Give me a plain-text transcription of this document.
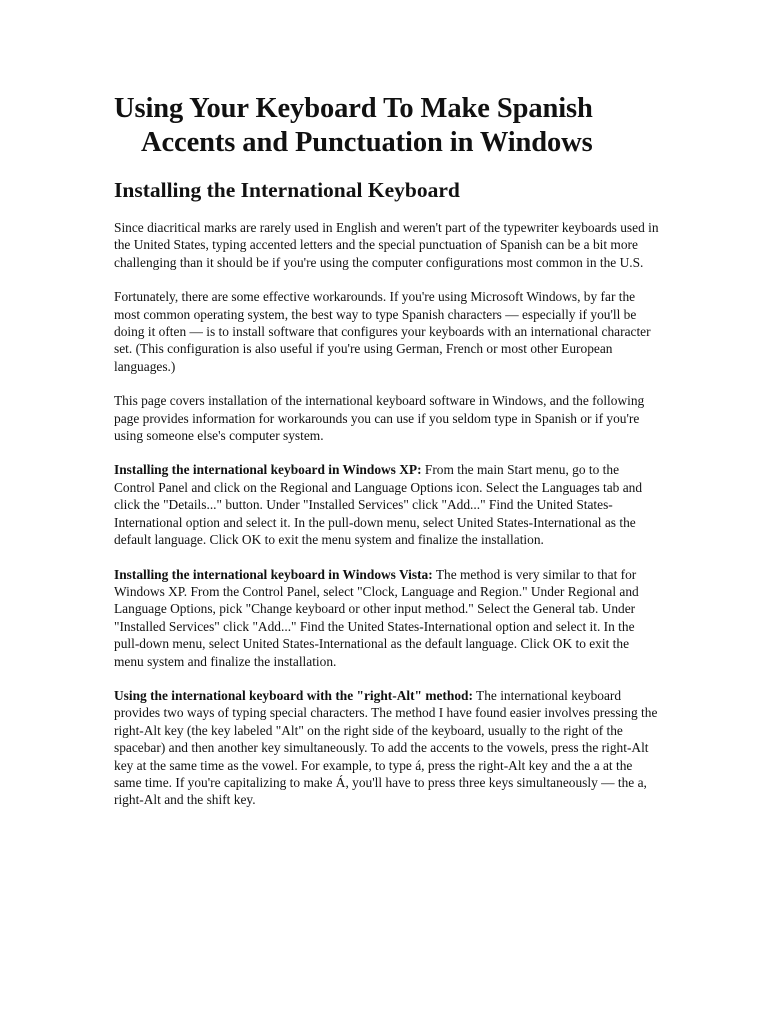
Using Your Keyboard To Make Spanish
Accents and Punctuation in Windows
Installing the International Keyboard

Since diacritical marks are rarely used in English and weren't part of the typewriter keyboards used in the United States, typing accented letters and the special punctuation of Spanish can be a bit more challenging than it should be if you're using the computer configurations most common in the U.S.

Fortunately, there are some effective workarounds. If you're using Microsoft Windows, by far the most common operating system, the best way to type Spanish characters — especially if you'll be doing it often — is to install software that configures your keyboards with an international character set. (This configuration is also useful if you're using German, French or most other European languages.)

This page covers installation of the international keyboard software in Windows, and the following page provides information for workarounds you can use if you seldom type in Spanish or if you're using someone else's computer system.

Installing the international keyboard in Windows XP: From the main Start menu, go to the Control Panel and click on the Regional and Language Options icon. Select the Languages tab and click the "Details..." button. Under "Installed Services" click "Add..." Find the United States-International option and select it. In the pull-down menu, select United States-International as the default language. Click OK to exit the menu system and finalize the installation.

Installing the international keyboard in Windows Vista: The method is very similar to that for Windows XP. From the Control Panel, select "Clock, Language and Region." Under Regional and Language Options, pick "Change keyboard or other input method." Select the General tab. Under "Installed Services" click "Add..." Find the United States-International option and select it. In the pull-down menu, select United States-International as the default language. Click OK to exit the menu system and finalize the installation.

Using the international keyboard with the "right-Alt" method: The international keyboard provides two ways of typing special characters. The method I have found easier involves pressing the right-Alt key (the key labeled "Alt" on the right side of the keyboard, usually to the right of the spacebar) and then another key simultaneously. To add the accents to the vowels, press the right-Alt key at the same time as the vowel. For example, to type á, press the right-Alt key and the a at the same time. If you're capitalizing to make Á, you'll have to press three keys simultaneously — the a, right-Alt and the shift key.
